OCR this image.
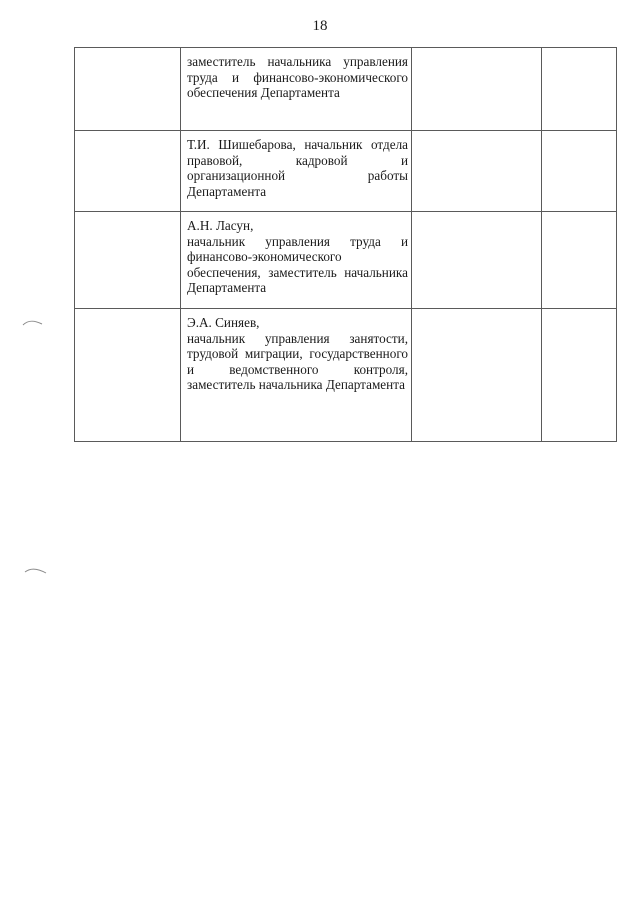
18

	заместитель начальника управления труда и финансово-экономического обеспечения Департамента		

	Т.И. Шишебарова, начальник отдела правовой, кадровой и организационной работы Департамента		

	А.Н. Ласун,
начальник управления труда и финансово-экономического обеспечения, заместитель начальника Департамента		

	Э.А. Синяев,
начальник управления занятости, трудовой миграции, государственного и ведомственного контроля, заместитель начальника Департамента		
